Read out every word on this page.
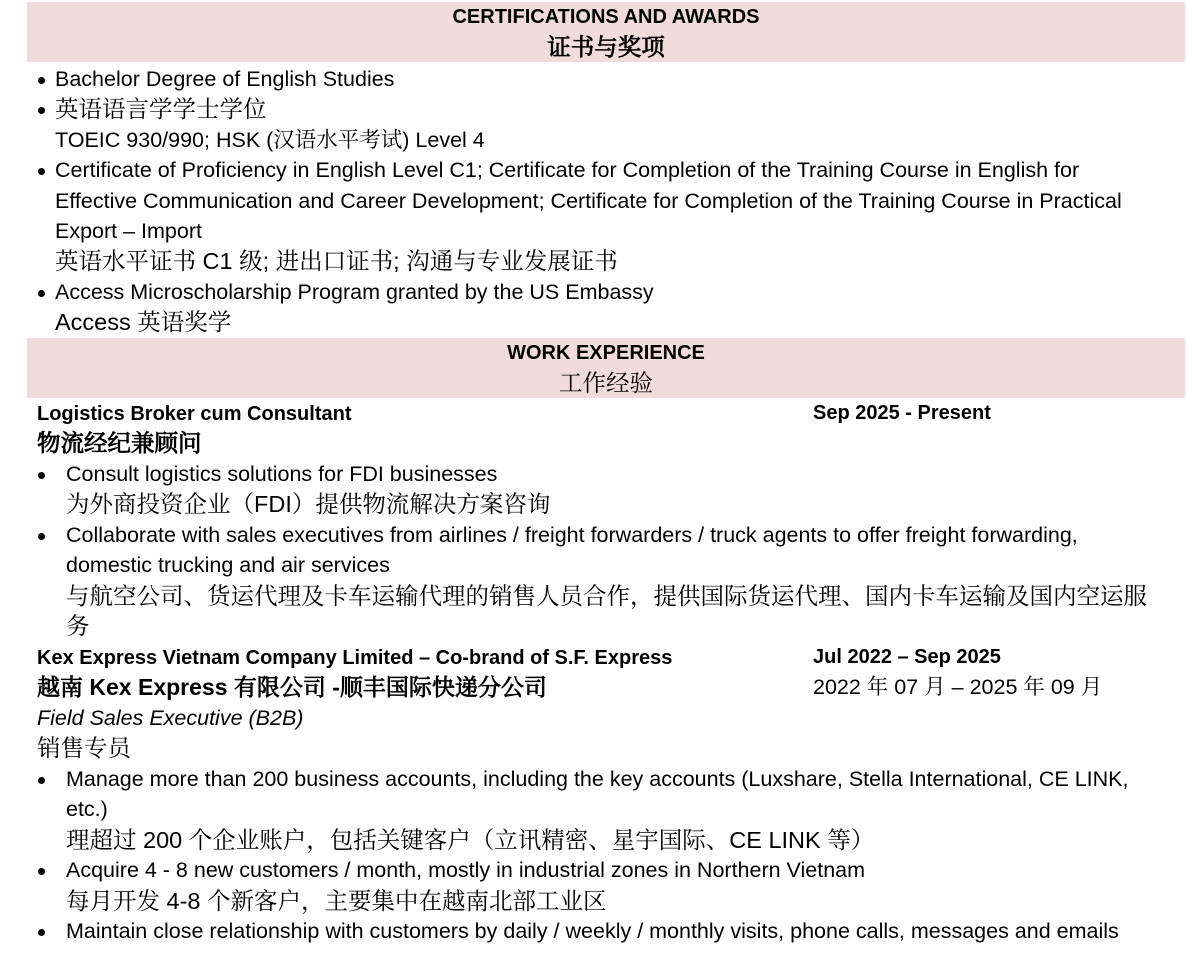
CERTIFICATIONS AND AWARDS
证书与奖项
Bachelor Degree of English Studies
英语语言学学士学位
TOEIC 930/990; HSK (汉语水平考试) Level 4
Certificate of Proficiency in English Level C1; Certificate for Completion of the Training Course in English for
Effective Communication and Career Development; Certificate for Completion of the Training Course in Practical
Export – Import
英语水平证书 C1 级; 进出口证书; 沟通与专业发展证书
Access Microscholarship Program granted by the US Embassy
Access 英语奖学
WORK EXPERIENCE
工作经验
Logistics Broker cum Consultant	Sep 2025 - Present
物流经纪兼顾问
Consult logistics solutions for FDI businesses
为外商投资企业（FDI）提供物流解决方案咨询
Collaborate with sales executives from airlines / freight forwarders / truck agents to offer freight forwarding,
domestic trucking and air services
与航空公司、货运代理及卡车运输代理的销售人员合作，提供国际货运代理、国内卡车运输及国内空运服
务
Kex Express Vietnam Company Limited – Co-brand of S.F. Express	Jul 2022 – Sep 2025
越南 Kex Express 有限公司 -顺丰国际快递分公司	2022 年 07 月 – 2025 年 09 月
Field Sales Executive (B2B)
销售专员
Manage more than 200 business accounts, including the key accounts (Luxshare, Stella International, CE LINK,
etc.)
理超过 200 个企业账户，包括关键客户（立讯精密、星宇国际、CE LINK 等）
Acquire 4 - 8 new customers / month, mostly in industrial zones in Northern Vietnam
每月开发 4-8 个新客户，主要集中在越南北部工业区
Maintain close relationship with customers by daily / weekly / monthly visits, phone calls, messages and emails
